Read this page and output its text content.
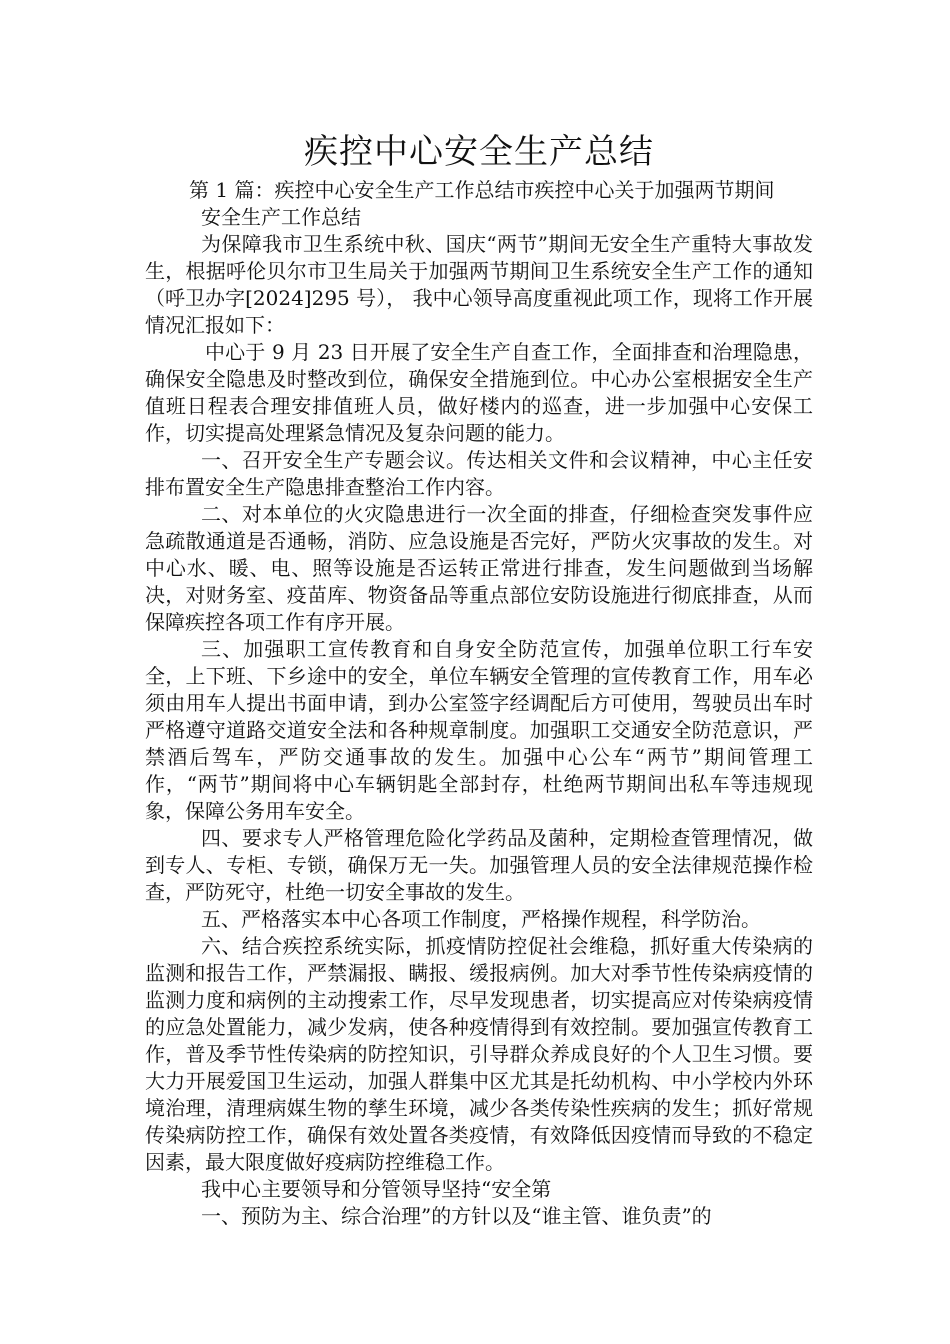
疾控中心安全生产总结

第 1 篇：疾控中心安全生产工作总结市疾控中心关于加强两节期间

安全生产工作总结

为保障我市卫生系统中秋、国庆“两节”期间无安全生产重特大事故发生，根据呼伦贝尔市卫生局关于加强两节期间卫生系统安全生产工作的通知（呼卫办字[2024]295 号）， 我中心领导高度重视此项工作，现将工作开展情况汇报如下：

中心于 9 月 23 日开展了安全生产自查工作，全面排查和治理隐患，确保安全隐患及时整改到位，确保安全措施到位。中心办公室根据安全生产值班日程表合理安排值班人员，做好楼内的巡查，进一步加强中心安保工作，切实提高处理紧急情况及复杂问题的能力。

一、召开安全生产专题会议。传达相关文件和会议精神，中心主任安排布置安全生产隐患排查整治工作内容。

二、对本单位的火灾隐患进行一次全面的排查，仔细检查突发事件应急疏散通道是否通畅，消防、应急设施是否完好，严防火灾事故的发生。对中心水、暖、电、照等设施是否运转正常进行排查，发生问题做到当场解决，对财务室、疫苗库、物资备品等重点部位安防设施进行彻底排查，从而保障疾控各项工作有序开展。

三、加强职工宣传教育和自身安全防范宣传，加强单位职工行车安全，上下班、下乡途中的安全，单位车辆安全管理的宣传教育工作，用车必须由用车人提出书面申请，到办公室签字经调配后方可使用，驾驶员出车时严格遵守道路交道安全法和各种规章制度。加强职工交通安全防范意识，严禁酒后驾车，严防交通事故的发生。加强中心公车“两节”期间管理工作，“两节”期间将中心车辆钥匙全部封存，杜绝两节期间出私车等违规现象，保障公务用车安全。

四、要求专人严格管理危险化学药品及菌种，定期检查管理情况，做到专人、专柜、专锁，确保万无一失。加强管理人员的安全法律规范操作检查，严防死守，杜绝一切安全事故的发生。

五、严格落实本中心各项工作制度，严格操作规程，科学防治。

六、结合疾控系统实际，抓疫情防控促社会维稳，抓好重大传染病的监测和报告工作，严禁漏报、瞒报、缓报病例。加大对季节性传染病疫情的监测力度和病例的主动搜索工作，尽早发现患者，切实提高应对传染病疫情的应急处置能力，减少发病，使各种疫情得到有效控制。要加强宣传教育工作，普及季节性传染病的防控知识，引导群众养成良好的个人卫生习惯。要大力开展爱国卫生运动，加强人群集中区尤其是托幼机构、中小学校内外环境治理，清理病媒生物的孳生环境，减少各类传染性疾病的发生；抓好常规传染病防控工作，确保有效处置各类疫情，有效降低因疫情而导致的不稳定因素，最大限度做好疫病防控维稳工作。

我中心主要领导和分管领导坚持“安全第

一、预防为主、综合治理”的方针以及“谁主管、谁负责”的
